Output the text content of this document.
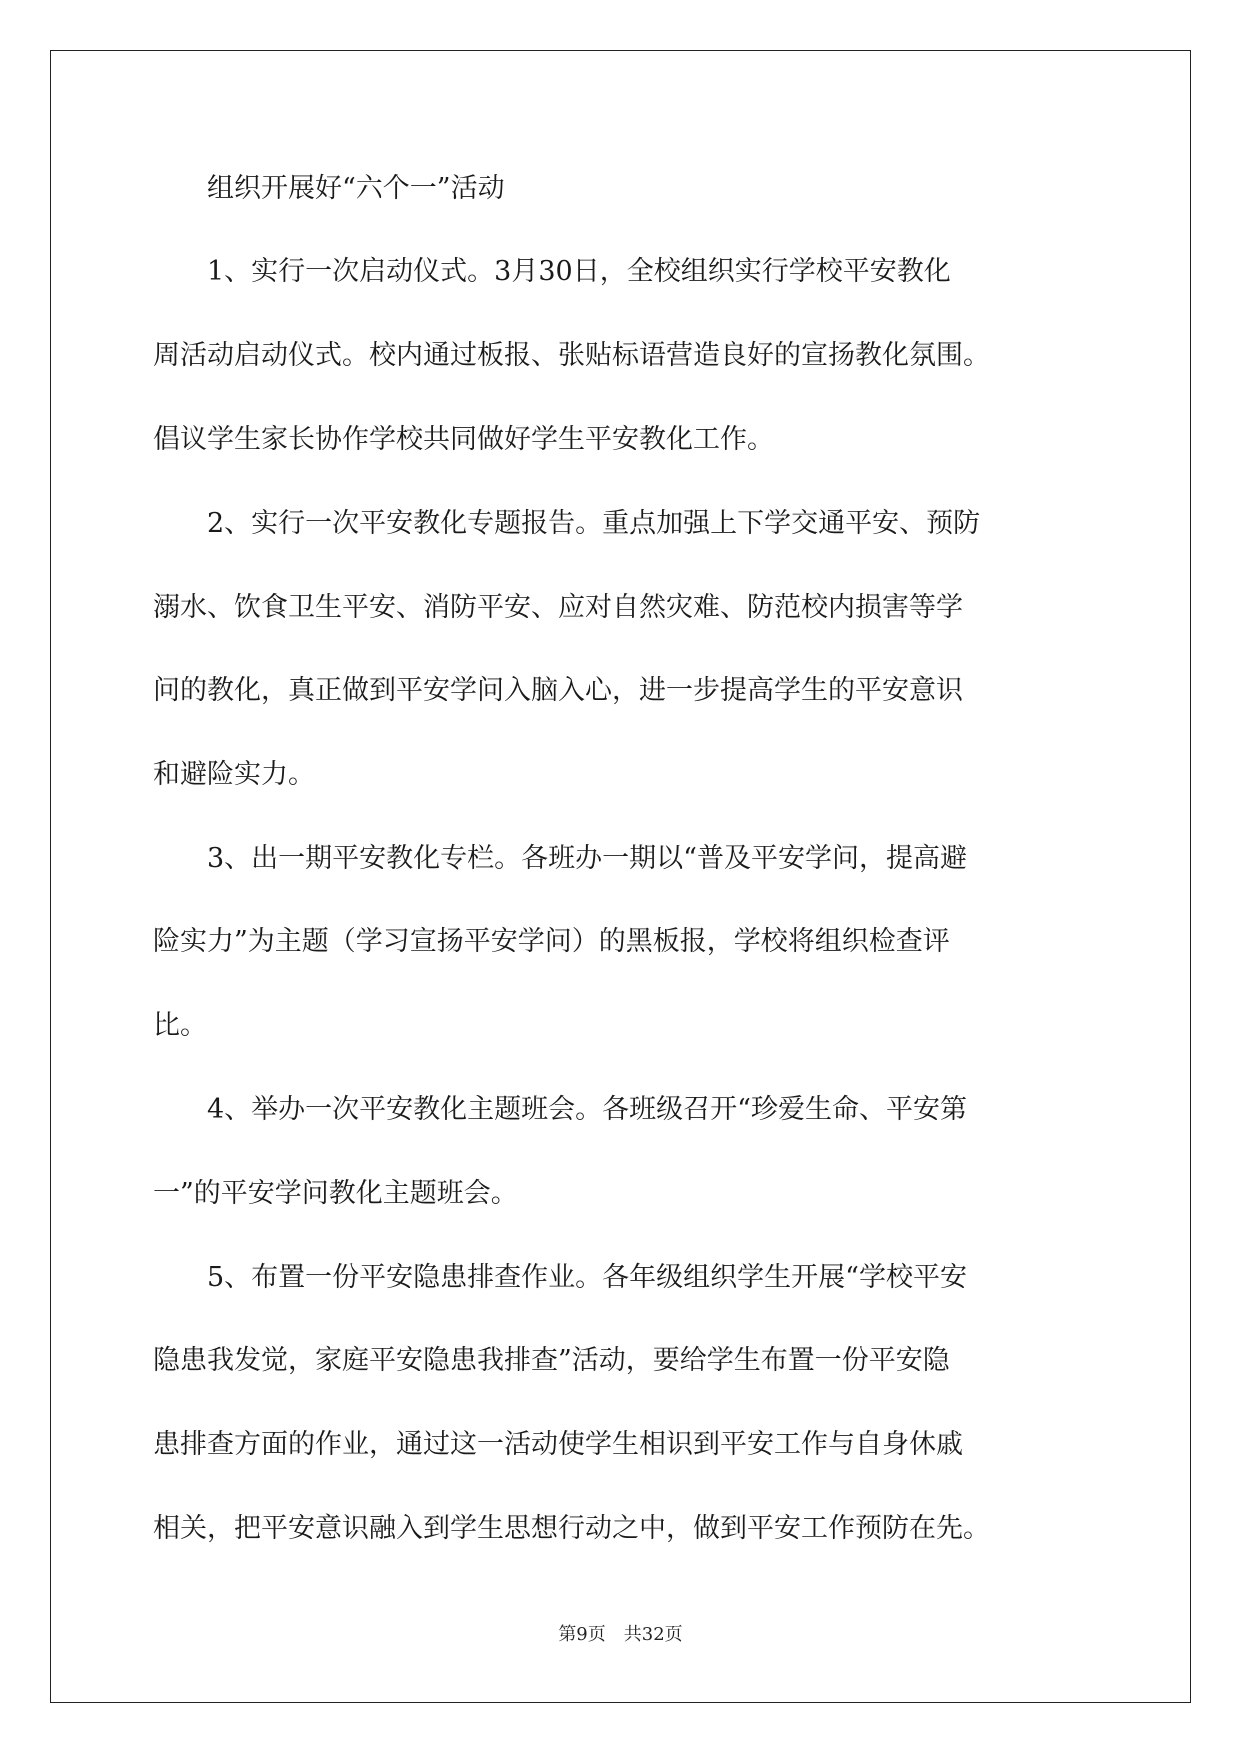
　　组织开展好“六个一”活动
　　1、实行一次启动仪式。3月30日，全校组织实行学校平安教化
周活动启动仪式。校内通过板报、张贴标语营造良好的宣扬教化氛围。
倡议学生家长协作学校共同做好学生平安教化工作。
　　2、实行一次平安教化专题报告。重点加强上下学交通平安、预防
溺水、饮食卫生平安、消防平安、应对自然灾难、防范校内损害等学
问的教化，真正做到平安学问入脑入心，进一步提高学生的平安意识
和避险实力。
　　3、出一期平安教化专栏。各班办一期以“普及平安学问，提高避
险实力”为主题（学习宣扬平安学问）的黑板报，学校将组织检查评
比。
　　4、举办一次平安教化主题班会。各班级召开“珍爱生命、平安第
一”的平安学问教化主题班会。
　　5、布置一份平安隐患排查作业。各年级组织学生开展“学校平安
隐患我发觉，家庭平安隐患我排查”活动，要给学生布置一份平安隐
患排查方面的作业，通过这一活动使学生相识到平安工作与自身休戚
相关，把平安意识融入到学生思想行动之中，做到平安工作预防在先。
第9页 共32页
